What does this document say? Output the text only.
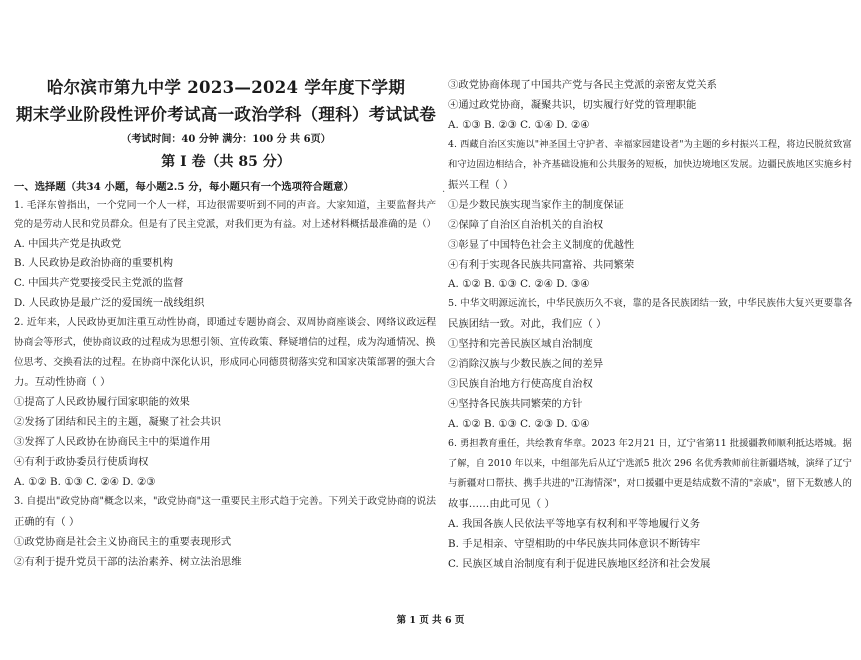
哈尔滨市第九中学 2023—2024 学年度下学期
期末学业阶段性评价考试高一政治学科（理科）考试试卷
（考试时间：40 分钟 满分：100 分 共 6页）
第 I 卷（共 85 分）
一、选择题（共34 小题，每小题2.5 分，每小题只有一个选项符合题意）
1. 毛泽东曾指出，一个党同一个人一样，耳边很需要听到不同的声音。大家知道，主要监督共产
党的是劳动人民和党员群众。但是有了民主党派，对我们更为有益。对上述材料概括最准确的是（）
A. 中国共产党是执政党
B. 人民政协是政治协商的重要机构
C. 中国共产党要接受民主党派的监督
D. 人民政协是最广泛的爱国统一战线组织
2. 近年来，人民政协更加注重互动性协商，即通过专题协商会、双周协商座谈会、网络议政远程
协商会等形式，使协商议政的过程成为思想引领、宣传政策、释疑增信的过程，成为沟通情况、换
位思考、交换看法的过程。在协商中深化认识，形成同心同德贯彻落实党和国家决策部署的强大合
力。互动性协商（ ）
①提高了人民政协履行国家职能的效果
②发扬了团结和民主的主题，凝聚了社会共识
③发挥了人民政协在协商民主中的渠道作用
④有利于政协委员行使质询权
A. ①② B. ①③ C. ②④ D. ②③
3. 自提出"政党协商"概念以来，"政党协商"这一重要民主形式趋于完善。下列关于政党协商的说法
正确的有（ ）
①政党协商是社会主义协商民主的重要表现形式
②有利于提升党员干部的法治素养、树立法治思维
③政党协商体现了中国共产党与各民主党派的亲密友党关系
④通过政党协商，凝聚共识，切实履行好党的管理职能
A. ①③ B. ②③ C. ①④ D. ②④
4. 西藏自治区实施以"神圣国土守护者、幸福家园建设者"为主题的乡村振兴工程，将边民脱贫致富
和守边固边相结合，补齐基础设施和公共服务的短板，加快边境地区发展。边疆民族地区实施乡村
振兴工程（ ）
①是少数民族实现当家作主的制度保证
②保障了自治区自治机关的自治权
③彰显了中国特色社会主义制度的优越性
④有利于实现各民族共同富裕、共同繁荣
A. ①② B. ①③ C. ②④ D. ③④
5. 中华文明源远流长，中华民族历久不衰，靠的是各民族团结一致，中华民族伟大复兴更要靠各
民族团结一致。对此，我们应（ ）
①坚持和完善民族区域自治制度
②消除汉族与少数民族之间的差异
③民族自治地方行使高度自治权
④坚持各民族共同繁荣的方针
A. ①② B. ①③ C. ②③ D. ①④
6. 勇担教育重任，共绘教育华章。2023 年2月21 日，辽宁省第11 批援疆教师顺利抵达塔城。据
了解，自 2010 年以来，中组部先后从辽宁选派5 批次 296 名优秀教师前往新疆塔城，演绎了辽宁
与新疆对口帮扶、携手共进的"江海情深"，对口援疆中更是结成数不清的"亲戚"，留下无数感人的
故事……由此可见（ ）
A. 我国各族人民依法平等地享有权利和平等地履行义务
B. 手足相亲、守望相助的中华民族共同体意识不断铸牢
C. 民族区域自治制度有利于促进民族地区经济和社会发展
·
第 1 页 共 6 页
